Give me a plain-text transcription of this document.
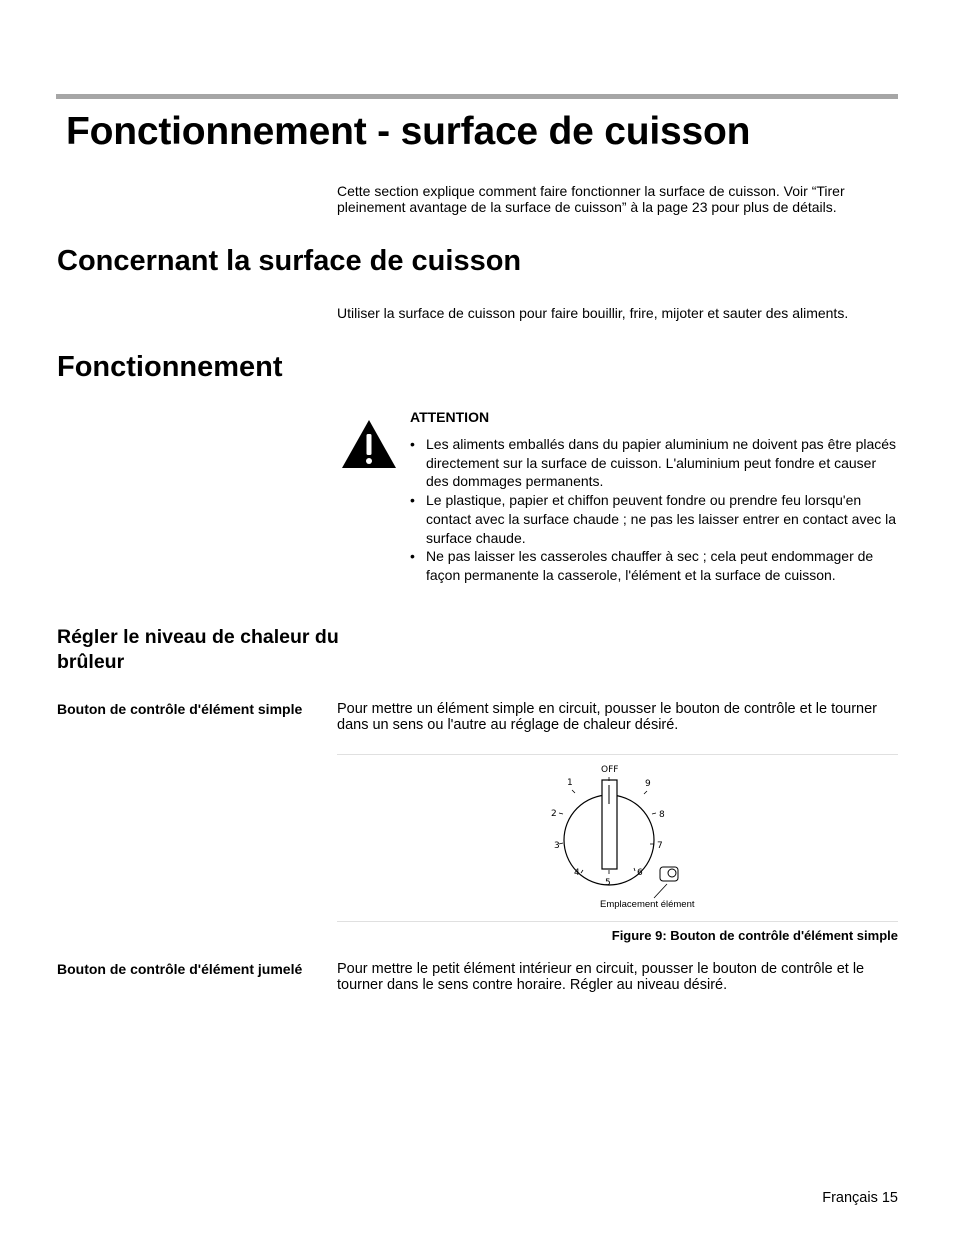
Fonctionnement - surface de cuisson
Cette section explique comment faire fonctionner la surface de cuisson. Voir “Tirer pleinement avantage de la surface de cuisson” à la page 23 pour plus de détails.
Concernant la surface de cuisson
Utiliser la surface de cuisson pour faire bouillir, frire, mijoter et sauter des aliments.
Fonctionnement
ATTENTION
• Les aliments emballés dans du papier aluminium ne doivent pas être placés directement sur la surface de cuisson. L'aluminium peut fondre et causer des dommages permanents.
• Le plastique, papier et chiffon peuvent fondre ou prendre feu lorsqu'en contact avec la surface chaude ; ne pas les laisser entrer en contact avec la surface chaude.
• Ne pas laisser les casseroles chauffer à sec ; cela peut endommager de façon permanente la casserole, l'élément et la surface de cuisson.
Régler le niveau de chaleur du brûleur
Bouton de contrôle d'élément simple	Pour mettre un élément simple en circuit, pousser le bouton de contrôle et le tourner dans un sens ou l'autre au réglage de chaleur désiré.
OFF
1
2
3
4
5
6
7
8
9
Emplacement élément
Figure 9: Bouton de contrôle d'élément simple
Bouton de contrôle d'élément jumelé	Pour mettre le petit élément intérieur en circuit, pousser le bouton de contrôle et le tourner dans le sens contre horaire. Régler au niveau désiré.
Français 15
